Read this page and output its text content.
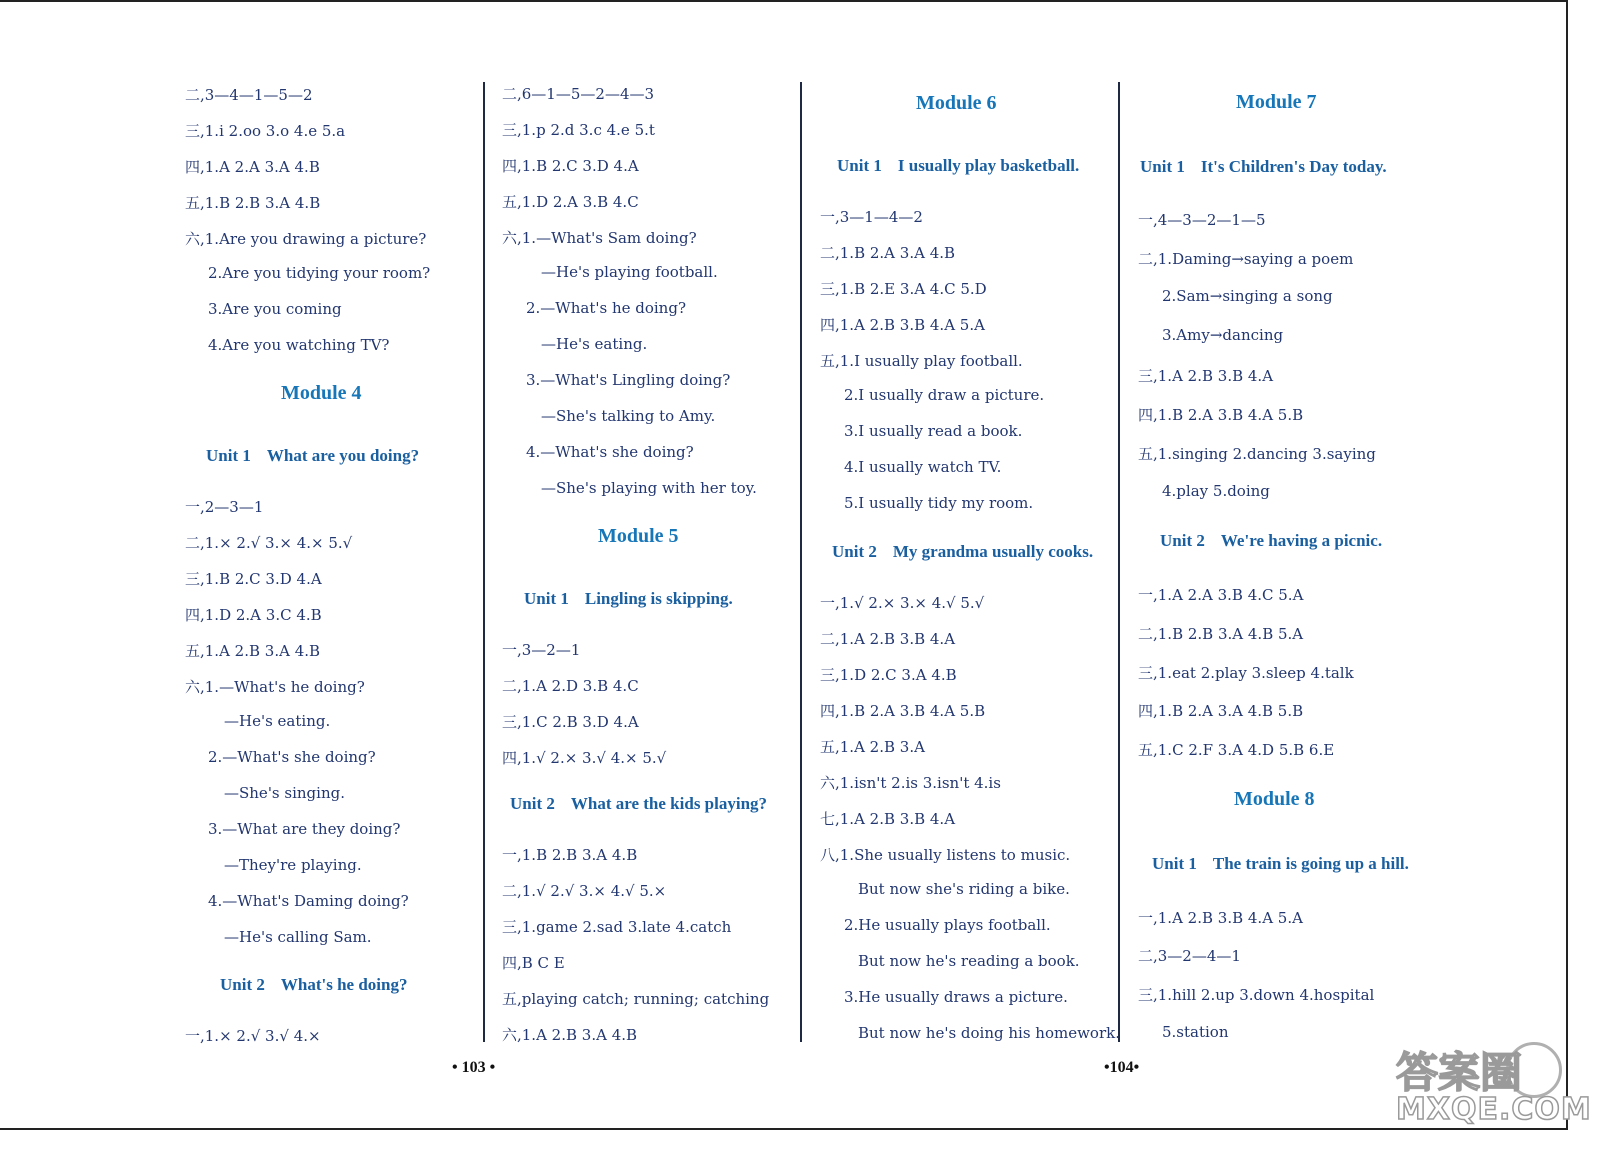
二,3—4—1—5—2
三,1.i 2.oo 3.o 4.e 5.a
四,1.A 2.A 3.A 4.B
五,1.B 2.B 3.A 4.B
六,1.Are you drawing a picture?
2.Are you tidying your room?
3.Are you coming
4.Are you watching TV?
Module 4
Unit 1 What are you doing?
一,2—3—1
二,1.× 2.√ 3.× 4.× 5.√
三,1.B 2.C 3.D 4.A
四,1.D 2.A 3.C 4.B
五,1.A 2.B 3.A 4.B
六,1.—What's he doing?
—He's eating.
2.—What's she doing?
—She's singing.
3.—What are they doing?
—They're playing.
4.—What's Daming doing?
—He's calling Sam.
Unit 2 What's he doing?
一,1.× 2.√ 3.√ 4.×
二,6—1—5—2—4—3
三,1.p 2.d 3.c 4.e 5.t
四,1.B 2.C 3.D 4.A
五,1.D 2.A 3.B 4.C
六,1.—What's Sam doing?
—He's playing football.
2.—What's he doing?
—He's eating.
3.—What's Lingling doing?
—She's talking to Amy.
4.—What's she doing?
—She's playing with her toy.
Module 5
Unit 1 Lingling is skipping.
一,3—2—1
二,1.A 2.D 3.B 4.C
三,1.C 2.B 3.D 4.A
四,1.√ 2.× 3.√ 4.× 5.√
Unit 2 What are the kids playing?
一,1.B 2.B 3.A 4.B
二,1.√ 2.√ 3.× 4.√ 5.×
三,1.game 2.sad 3.late 4.catch
四,B C E
五,playing catch; running; catching
六,1.A 2.B 3.A 4.B
Module 6
Unit 1 I usually play basketball.
一,3—1—4—2
二,1.B 2.A 3.A 4.B
三,1.B 2.E 3.A 4.C 5.D
四,1.A 2.B 3.B 4.A 5.A
五,1.I usually play football.
2.I usually draw a picture.
3.I usually read a book.
4.I usually watch TV.
5.I usually tidy my room.
Unit 2 My grandma usually cooks.
一,1.√ 2.× 3.× 4.√ 5.√
二,1.A 2.B 3.B 4.A
三,1.D 2.C 3.A 4.B
四,1.B 2.A 3.B 4.A 5.B
五,1.A 2.B 3.A
六,1.isn't 2.is 3.isn't 4.is
七,1.A 2.B 3.B 4.A
八,1.She usually listens to music.
But now she's riding a bike.
2.He usually plays football.
But now he's reading a book.
3.He usually draws a picture.
But now he's doing his homework.
Module 7
Unit 1 It's Children's Day today.
一,4—3—2—1—5
二,1.Daming→saying a poem
2.Sam→singing a song
3.Amy→dancing
三,1.A 2.B 3.B 4.A
四,1.B 2.A 3.B 4.A 5.B
五,1.singing 2.dancing 3.saying
4.play 5.doing
Unit 2 We're having a picnic.
一,1.A 2.A 3.B 4.C 5.A
二,1.B 2.B 3.A 4.B 5.A
三,1.eat 2.play 3.sleep 4.talk
四,1.B 2.A 3.A 4.B 5.B
五,1.C 2.F 3.A 4.D 5.B 6.E
Module 8
Unit 1 The train is going up a hill.
一,1.A 2.B 3.B 4.A 5.A
二,3—2—4—1
三,1.hill 2.up 3.down 4.hospital
5.station
• 103 •	•104•	答案圈
MXQE.COM
